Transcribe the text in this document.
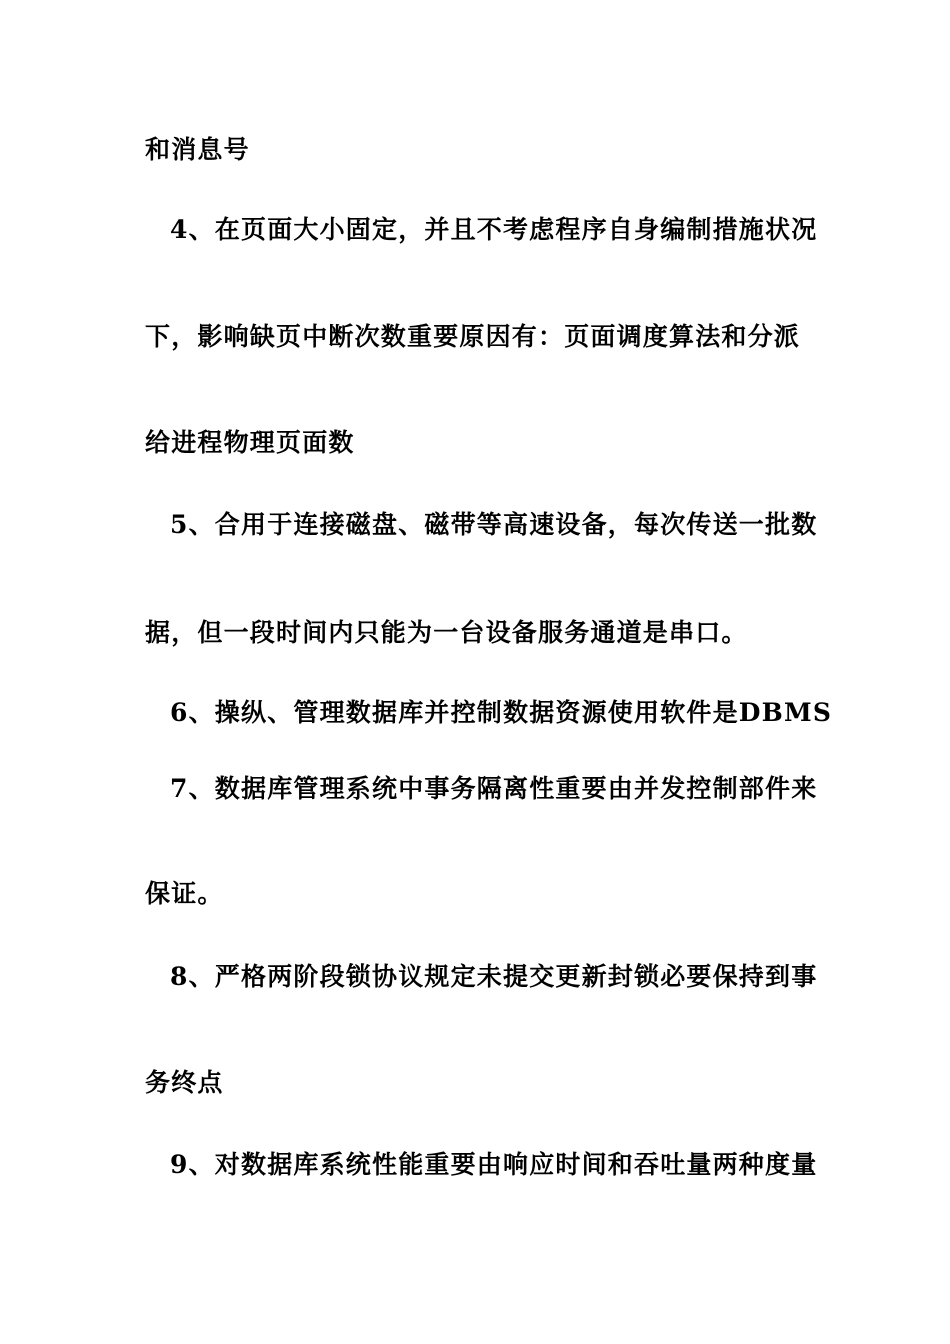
和消息号
4、在页面大小固定，并且不考虑程序自身编制措施状况
下，影响缺页中断次数重要原因有：页面调度算法和分派
给进程物理页面数
5、合用于连接磁盘、磁带等高速设备，每次传送一批数
据，但一段时间内只能为一台设备服务通道是串口。
6、操纵、管理数据库并控制数据资源使用软件是DBMS
7、数据库管理系统中事务隔离性重要由并发控制部件来
保证。
8、严格两阶段锁协议规定未提交更新封锁必要保持到事
务终点
9、对数据库系统性能重要由响应时间和吞吐量两种度量
